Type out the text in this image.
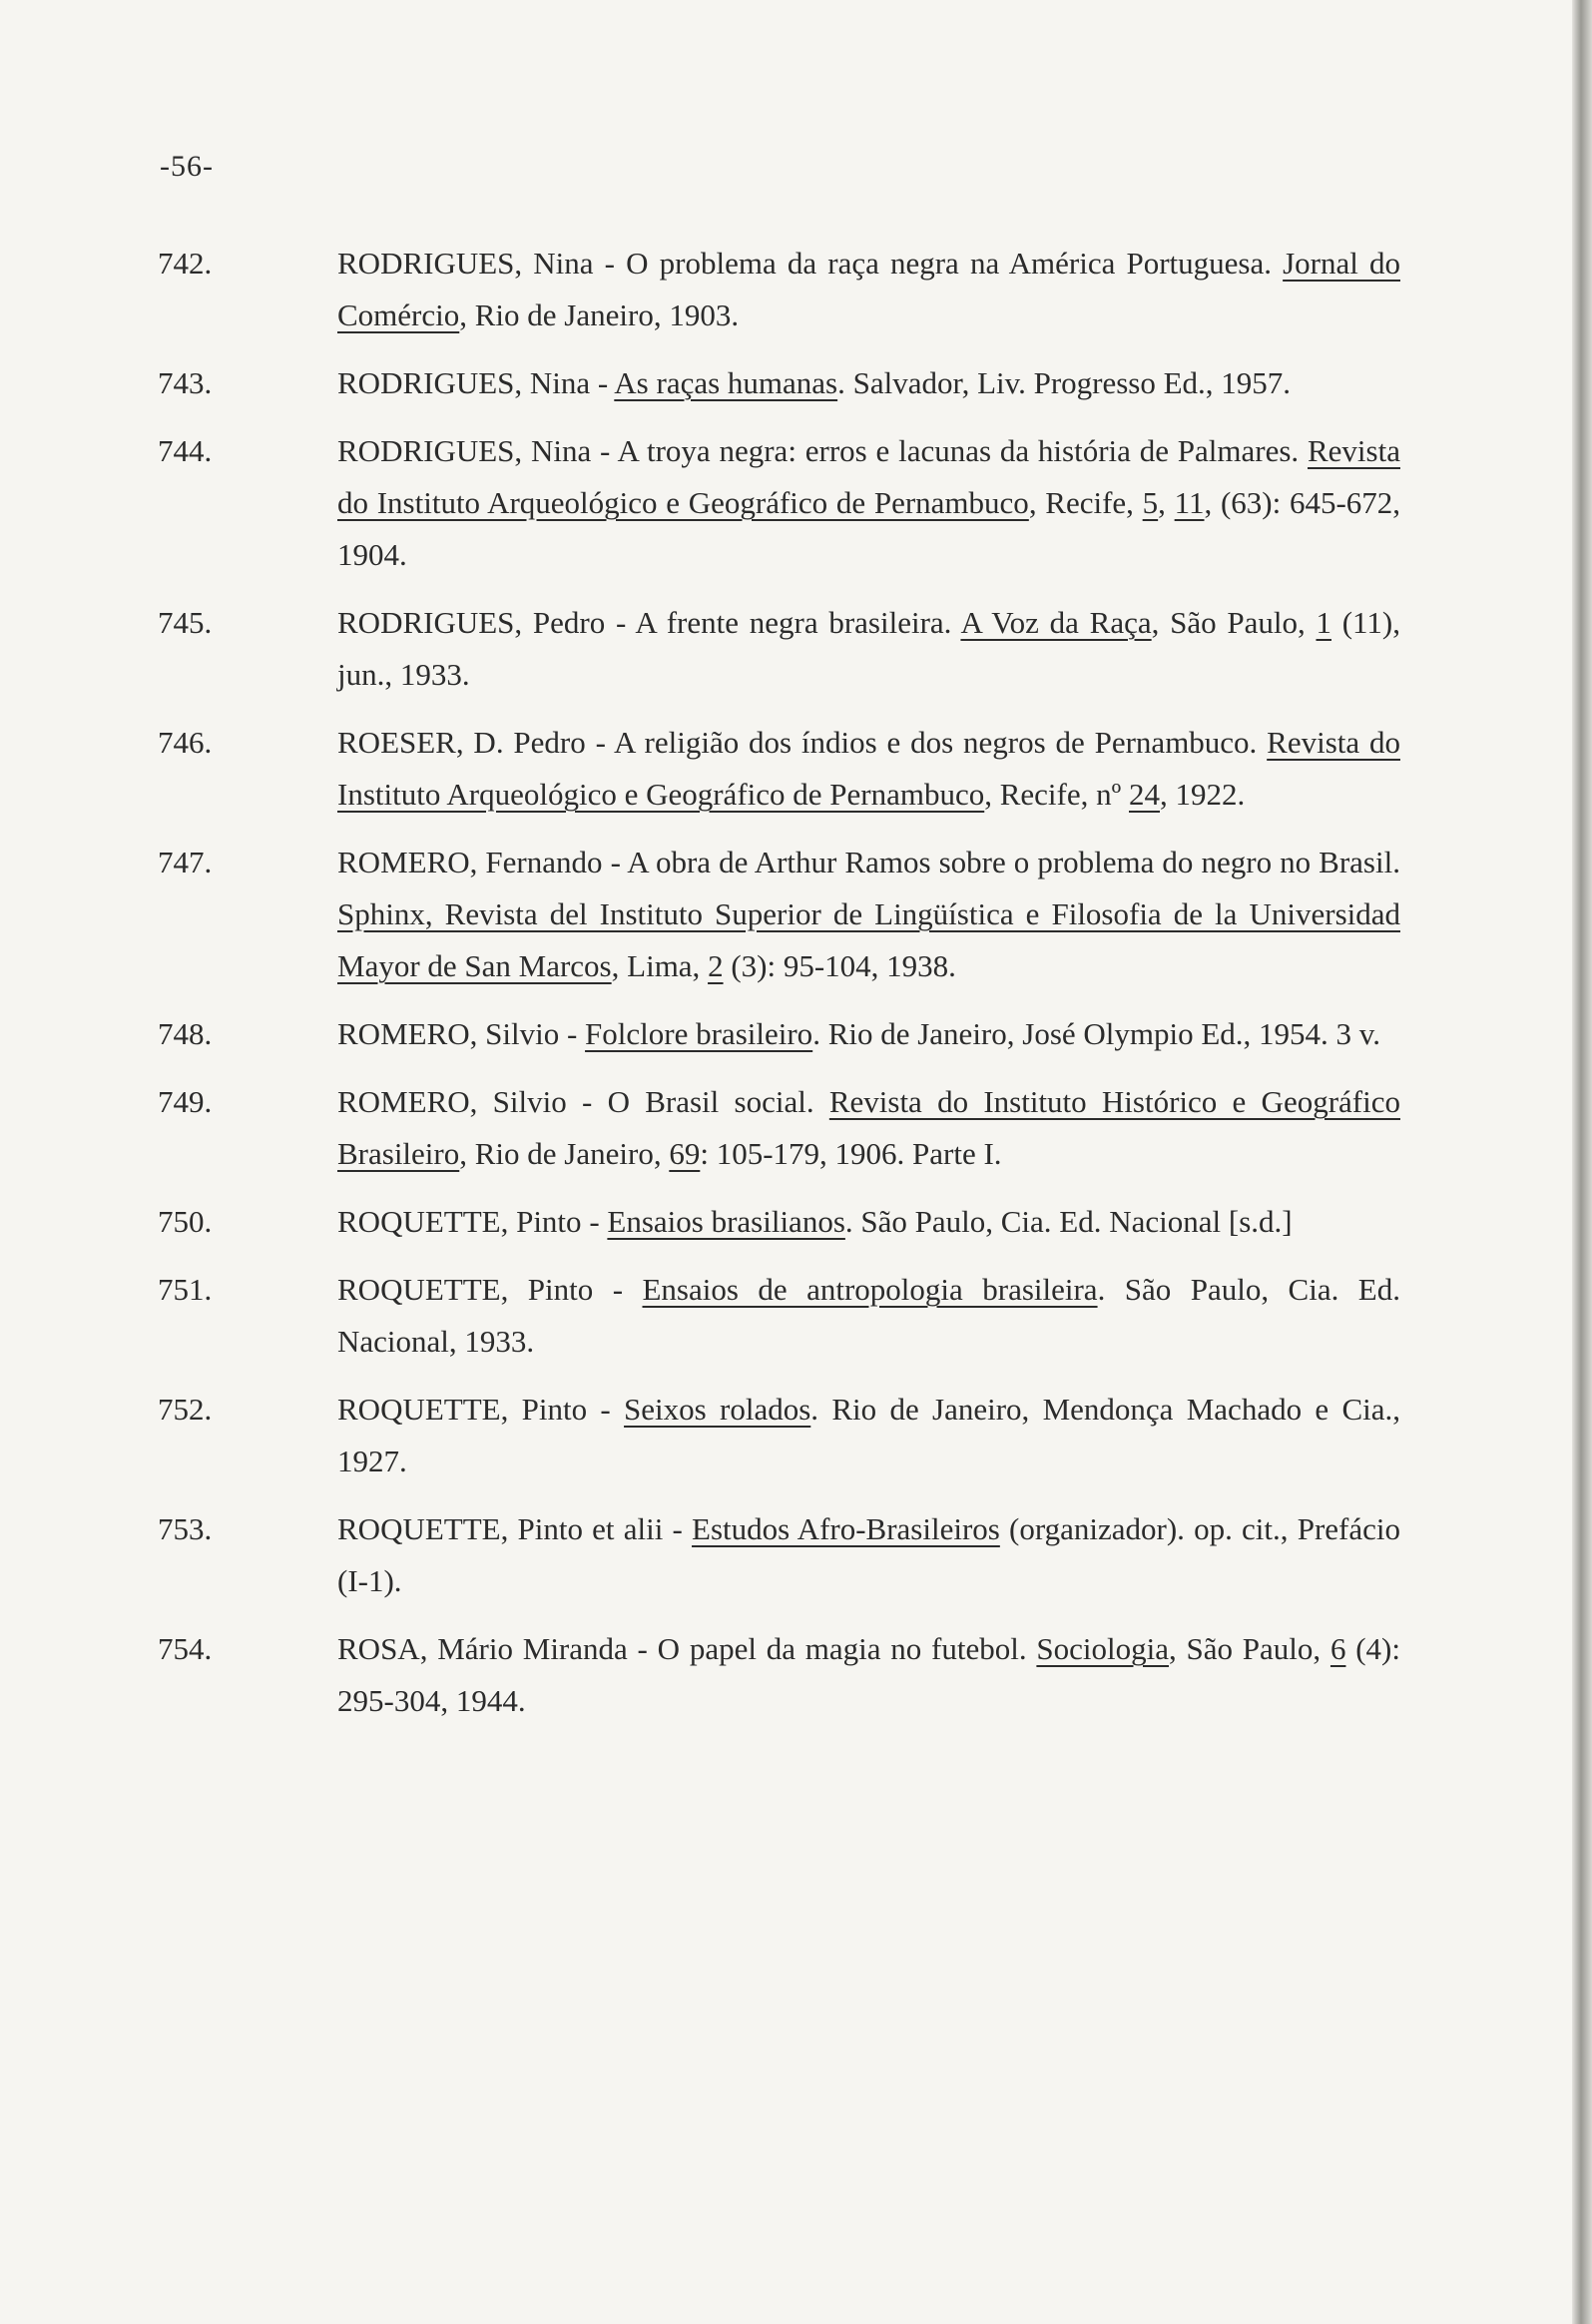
-56-
742.	RODRIGUES, Nina - O problema da raça negra na América Portuguesa. Jornal do Comércio, Rio de Janeiro, 1903.
743.	RODRIGUES, Nina - As raças humanas. Salvador, Liv. Progresso Ed., 1957.
744.	RODRIGUES, Nina - A troya negra: erros e lacunas da história de Palmares. Revista do Instituto Arqueológico e Geográfico de Pernambuco, Recife, 5, 11, (63): 645-672, 1904.
745.	RODRIGUES, Pedro - A frente negra brasileira. A Voz da Raça, São Paulo, 1 (11), jun., 1933.
746.	ROESER, D. Pedro - A religião dos índios e dos negros de Pernambuco. Revista do Instituto Arqueológico e Geográfico de Pernambuco, Recife, nº 24, 1922.
747.	ROMERO, Fernando - A obra de Arthur Ramos sobre o problema do negro no Brasil. Sphinx, Revista del Instituto Superior de Lingüística e Filosofia de la Universidad Mayor de San Marcos, Lima, 2 (3): 95-104, 1938.
748.	ROMERO, Silvio - Folclore brasileiro. Rio de Janeiro, José Olympio Ed., 1954. 3 v.
749.	ROMERO, Silvio - O Brasil social. Revista do Instituto Histórico e Geográfico Brasileiro, Rio de Janeiro, 69: 105-179, 1906. Parte I.
750.	ROQUETTE, Pinto - Ensaios brasilianos. São Paulo, Cia. Ed. Nacional [s.d.]
751.	ROQUETTE, Pinto - Ensaios de antropologia brasileira. São Paulo, Cia. Ed. Nacional, 1933.
752.	ROQUETTE, Pinto - Seixos rolados. Rio de Janeiro, Mendonça Machado e Cia., 1927.
753.	ROQUETTE, Pinto et alii - Estudos Afro-Brasileiros (organizador). op. cit., Prefácio (I-1).
754.	ROSA, Mário Miranda - O papel da magia no futebol. Sociologia, São Paulo, 6 (4): 295-304, 1944.
